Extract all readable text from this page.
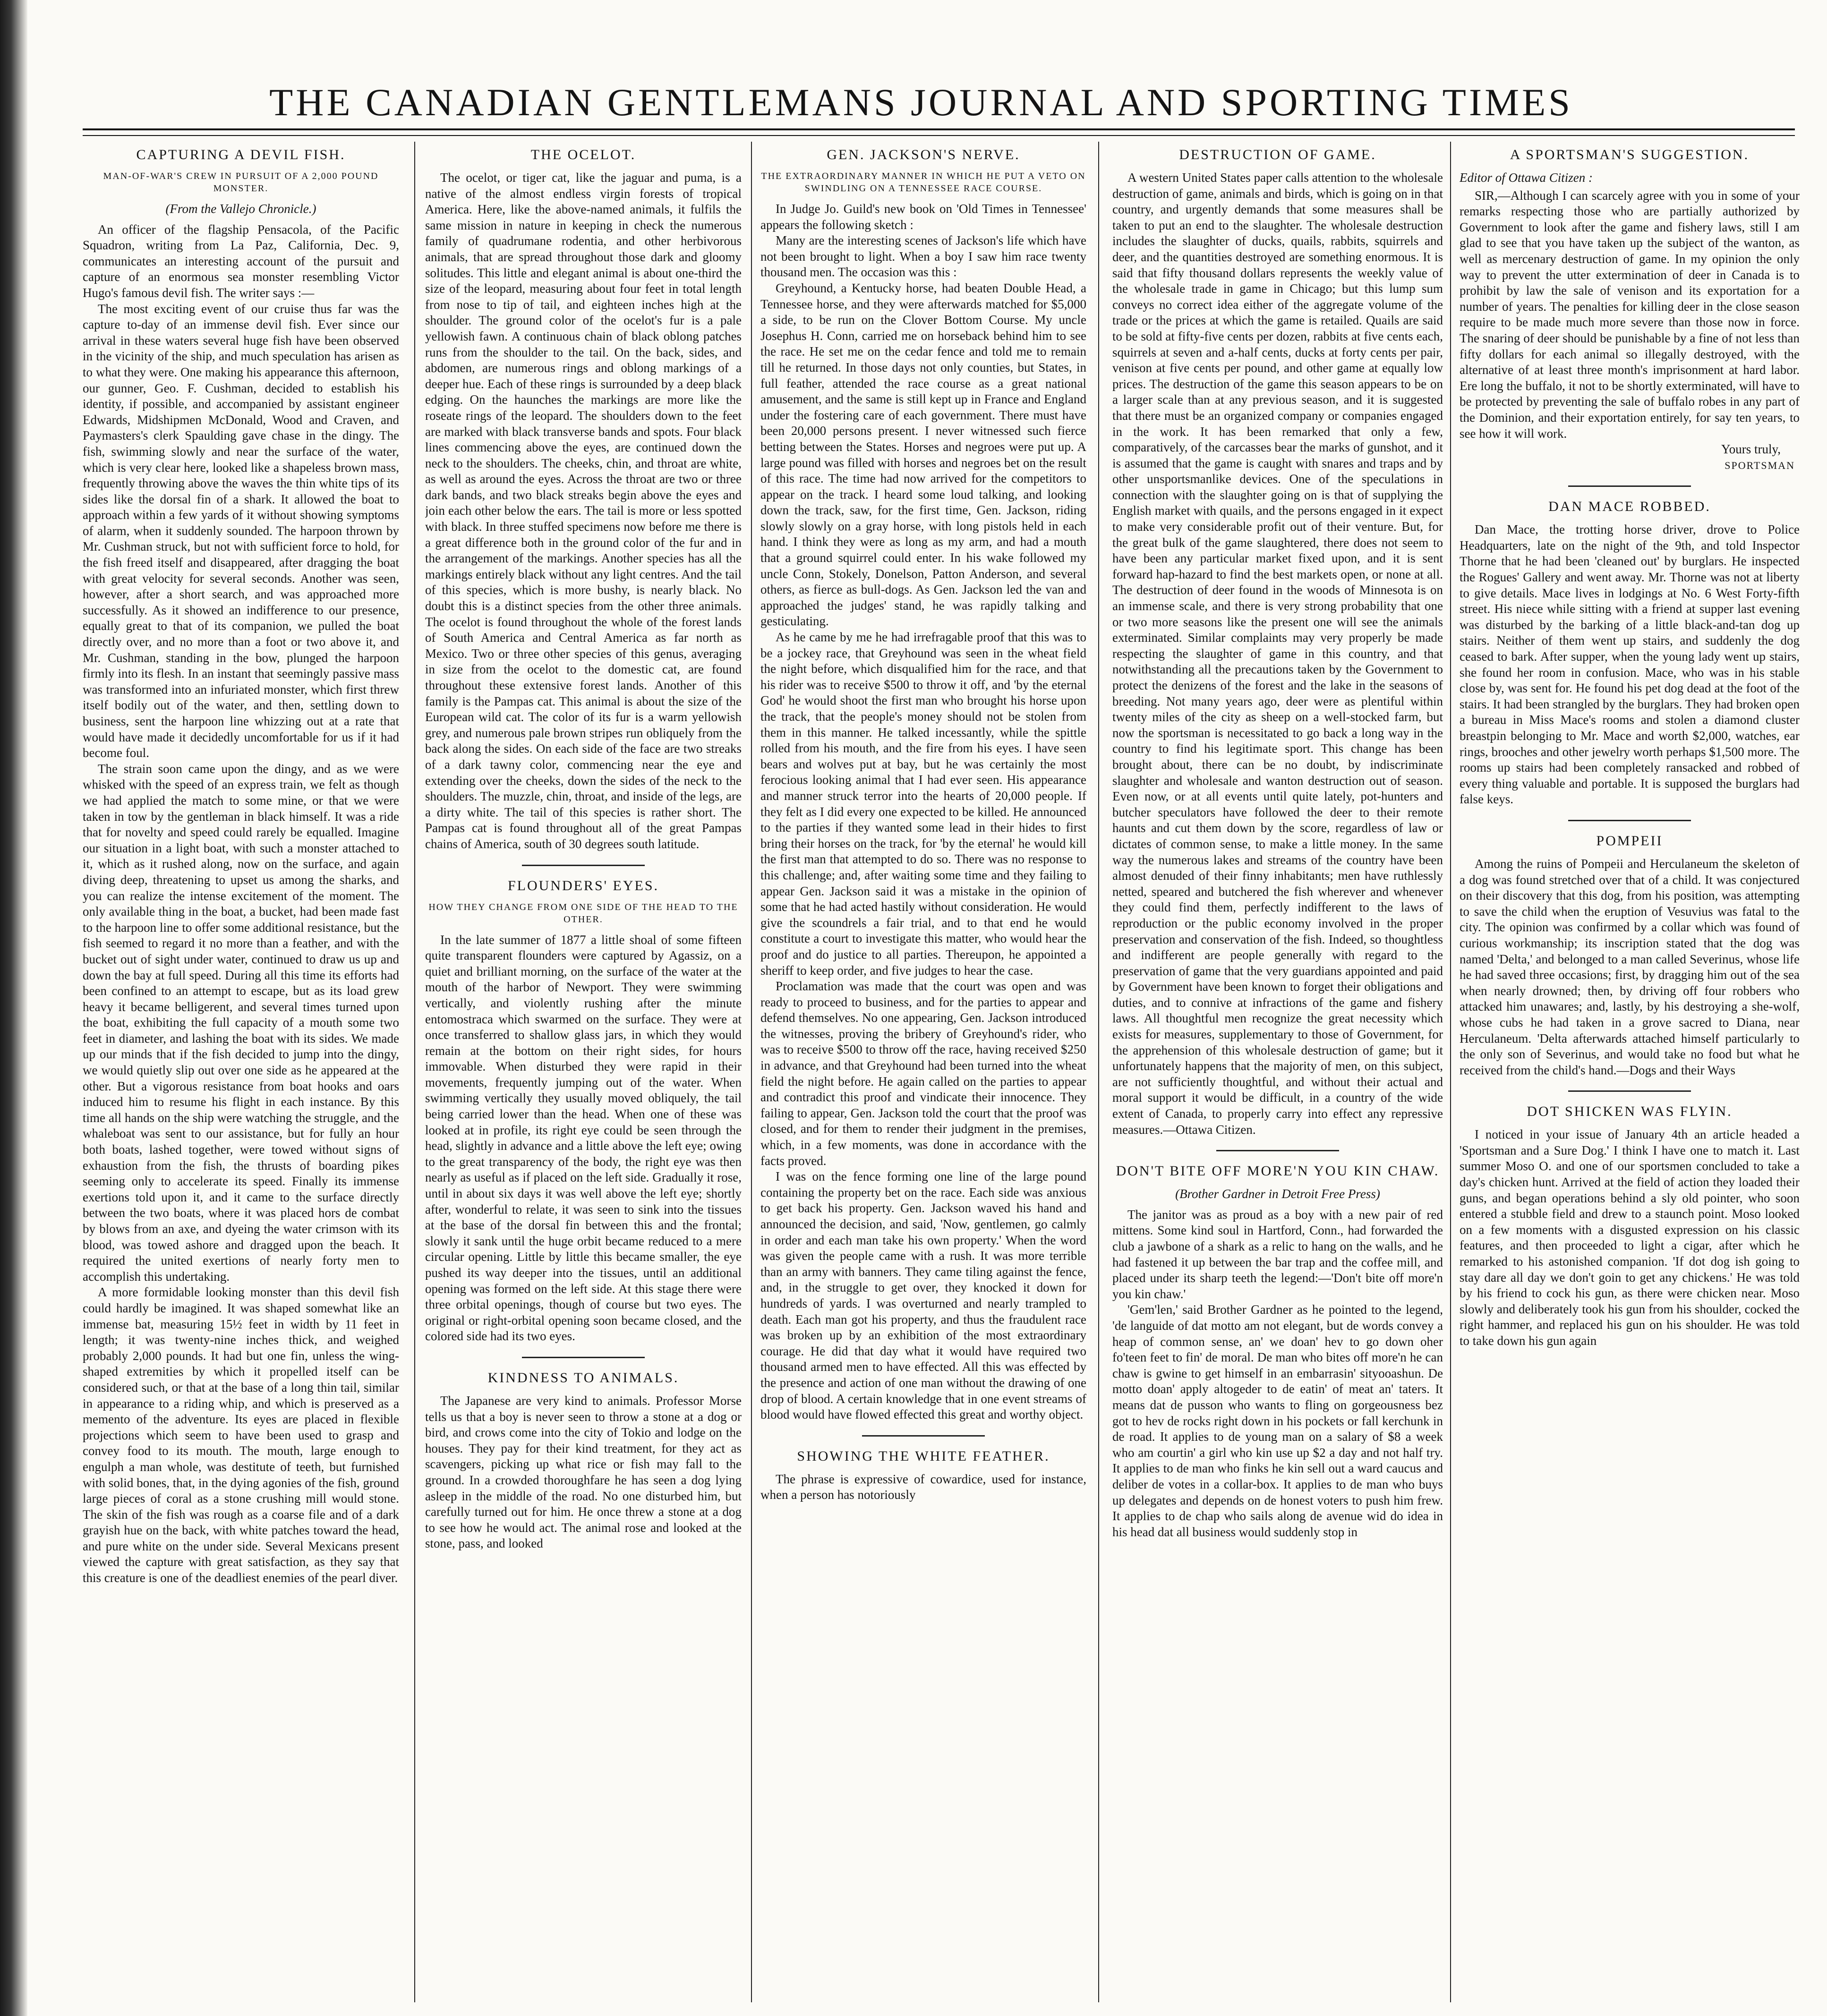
THE CANADIAN GENTLEMANS JOURNAL AND SPORTING TIMES
CAPTURING A DEVIL FISH.
MAN-OF-WAR'S CREW IN PURSUIT OF A 2,000 POUND MONSTER.
(From the Vallejo Chronicle.)

An officer of the flagship Pensacola, of the Pacific Squadron, writing from La Paz, California, Dec. 9, communicates an interesting account of the pursuit and capture of an enormous sea monster resembling Victor Hugo's famous devil fish. The writer says :—

The most exciting event of our cruise thus far was the capture to-day of an immense devil fish. Ever since our arrival in these waters several huge fish have been observed in the vicinity of the ship, and much speculation has arisen as to what they were. One making his appearance this afternoon, our gunner, Geo. F. Cushman, decided to establish his identity, if possible, and accompanied by assistant engineer Edwards, Midshipmen McDonald, Wood and Craven, and Paymasters's clerk Spaulding gave chase in the dingy. The fish, swimming slowly and near the surface of the water, which is very clear here, looked like a shapeless brown mass, frequently throwing above the waves the thin white tips of its sides like the dorsal fin of a shark. It allowed the boat to approach within a few yards of it without showing symptoms of alarm, when it suddenly sounded. The harpoon thrown by Mr. Cushman struck, but not with sufficient force to hold, for the fish freed itself and disappeared, after dragging the boat with great velocity for several seconds. Another was seen, however, after a short search, and was approached more successfully. As it showed an indifference to our presence, equally great to that of its companion, we pulled the boat directly over, and no more than a foot or two above it, and Mr. Cushman, standing in the bow, plunged the harpoon firmly into its flesh. In an instant that seemingly passive mass was transformed into an infuriated monster, which first threw itself bodily out of the water, and then, settling down to business, sent the harpoon line whizzing out at a rate that would have made it decidedly uncomfortable for us if it had become foul.

The strain soon came upon the dingy, and as we were whisked with the speed of an express train, we felt as though we had applied the match to some mine, or that we were taken in tow by the gentleman in black himself. It was a ride that for novelty and speed could rarely be equalled. Imagine our situation in a light boat, with such a monster attached to it, which as it rushed along, now on the surface, and again diving deep, threatening to upset us among the sharks, and you can realize the intense excitement of the moment. The only available thing in the boat, a bucket, had been made fast to the harpoon line to offer some additional resistance, but the fish seemed to regard it no more than a feather, and with the bucket out of sight under water, continued to draw us up and down the bay at full speed. During all this time its efforts had been confined to an attempt to escape, but as its load grew heavy it became belligerent, and several times turned upon the boat, exhibiting the full capacity of a mouth some two feet in diameter, and lashing the boat with its sides. We made up our minds that if the fish decided to jump into the dingy, we would quietly slip out over one side as he appeared at the other. But a vigorous resistance from boat hooks and oars induced him to resume his flight in each instance. By this time all hands on the ship were watching the struggle, and the whaleboat was sent to our assistance, but for fully an hour both boats, lashed together, were towed without signs of exhaustion from the fish, the thrusts of boarding pikes seeming only to accelerate its speed. Finally its immense exertions told upon it, and it came to the surface directly between the two boats, where it was placed hors de combat by blows from an axe, and dyeing the water crimson with its blood, was towed ashore and dragged upon the beach. It required the united exertions of nearly forty men to accomplish this undertaking.

A more formidable looking monster than this devil fish could hardly be imagined. It was shaped somewhat like an immense bat, measuring 15½ feet in width by 11 feet in length; it was twenty-nine inches thick, and weighed probably 2,000 pounds. It had but one fin, unless the wing-shaped extremities by which it propelled itself can be considered such, or that at the base of a long thin tail, similar in appearance to a riding whip, and which is preserved as a memento of the adventure. Its eyes are placed in flexible projections which seem to have been used to grasp and convey food to its mouth. The mouth, large enough to engulph a man whole, was destitute of teeth, but furnished with solid bones, that, in the dying agonies of the fish, ground large pieces of coral as a stone crushing mill would stone. The skin of the fish was rough as a coarse file and of a dark grayish hue on the back, with white patches toward the head, and pure white on the under side. Several Mexicans present viewed the capture with great satisfaction, as they say that this creature is one of the deadliest enemies of the pearl diver.

THE OCELOT.

The ocelot, or tiger cat, like the jaguar and puma, is a native of the almost endless virgin forests of tropical America. Here, like the above-named animals, it fulfils the same mission in nature in keeping in check the numerous family of quadrumane rodentia, and other herbivorous animals, that are spread throughout those dark and gloomy solitudes. This little and elegant animal is about one-third the size of the leopard, measuring about four feet in total length from nose to tip of tail, and eighteen inches high at the shoulder. The ground color of the ocelot's fur is a pale yellowish fawn. A continuous chain of black oblong patches runs from the shoulder to the tail. On the back, sides, and abdomen, are numerous rings and oblong markings of a deeper hue. Each of these rings is surrounded by a deep black edging. On the haunches the markings are more like the roseate rings of the leopard. The shoulders down to the feet are marked with black transverse bands and spots. Four black lines commencing above the eyes, are continued down the neck to the shoulders. The cheeks, chin, and throat are white, as well as around the eyes. Across the throat are two or three dark bands, and two black streaks begin above the eyes and join each other below the ears. The tail is more or less spotted with black. In three stuffed specimens now before me there is a great difference both in the ground color of the fur and in the arrangement of the markings. Another species has all the markings entirely black without any light centres. And the tail of this species, which is more bushy, is nearly black. No doubt this is a distinct species from the other three animals. The ocelot is found throughout the whole of the forest lands of South America and Central America as far north as Mexico. Two or three other species of this genus, averaging in size from the ocelot to the domestic cat, are found throughout these extensive forest lands. Another of this family is the Pampas cat. This animal is about the size of the European wild cat. The color of its fur is a warm yellowish grey, and numerous pale brown stripes run obliquely from the back along the sides. On each side of the face are two streaks of a dark tawny color, commencing near the eye and extending over the cheeks, down the sides of the neck to the shoulders. The muzzle, chin, throat, and inside of the legs, are a dirty white. The tail of this species is rather short. The Pampas cat is found throughout all of the great Pampas chains of America, south of 30 degrees south latitude.

FLOUNDERS' EYES.
HOW THEY CHANGE FROM ONE SIDE OF THE HEAD TO THE OTHER.

In the late summer of 1877 a little shoal of some fifteen quite transparent flounders were captured by Agassiz, on a quiet and brilliant morning, on the surface of the water at the mouth of the harbor of Newport. They were swimming vertically, and violently rushing after the minute entomostraca which swarmed on the surface. They were at once transferred to shallow glass jars, in which they would remain at the bottom on their right sides, for hours immovable. When disturbed they were rapid in their movements, frequently jumping out of the water. When swimming vertically they usually moved obliquely, the tail being carried lower than the head. When one of these was looked at in profile, its right eye could be seen through the head, slightly in advance and a little above the left eye; owing to the great transparency of the body, the right eye was then nearly as useful as if placed on the left side. Gradually it rose, until in about six days it was well above the left eye; shortly after, wonderful to relate, it was seen to sink into the tissues at the base of the dorsal fin between this and the frontal; slowly it sank until the huge orbit became reduced to a mere circular opening. Little by little this became smaller, the eye pushed its way deeper into the tissues, until an additional opening was formed on the left side. At this stage there were three orbital openings, though of course but two eyes. The original or right-orbital opening soon became closed, and the colored side had its two eyes.

KINDNESS TO ANIMALS.

The Japanese are very kind to animals. Professor Morse tells us that a boy is never seen to throw a stone at a dog or bird, and crows come into the city of Tokio and lodge on the houses. They pay for their kind treatment, for they act as scavengers, picking up what rice or fish may fall to the ground. In a crowded thoroughfare he has seen a dog lying asleep in the middle of the road. No one disturbed him, but carefully turned out for him. He once threw a stone at a dog to see how he would act. The animal rose and looked at the stone, pass, and looked

GEN. JACKSON'S NERVE.
THE EXTRAORDINARY MANNER IN WHICH HE PUT A VETO ON SWINDLING ON A TENNESSEE RACE COURSE.

In Judge Jo. Guild's new book on 'Old Times in Tennessee' appears the following sketch :

Many are the interesting scenes of Jackson's life which have not been brought to light. When a boy I saw him race twenty thousand men. The occasion was this :

Greyhound, a Kentucky horse, had beaten Double Head, a Tennessee horse, and they were afterwards matched for $5,000 a side, to be run on the Clover Bottom Course. My uncle Josephus H. Conn, carried me on horseback behind him to see the race. He set me on the cedar fence and told me to remain till he returned. In those days not only counties, but States, in full feather, attended the race course as a great national amusement, and the same is still kept up in France and England under the fostering care of each government. There must have been 20,000 persons present. I never witnessed such fierce betting between the States. Horses and negroes were put up. A large pound was filled with horses and negroes bet on the result of this race. The time had now arrived for the competitors to appear on the track. I heard some loud talking, and looking down the track, saw, for the first time, Gen. Jackson, riding slowly slowly on a gray horse, with long pistols held in each hand. I think they were as long as my arm, and had a mouth that a ground squirrel could enter. In his wake followed my uncle Conn, Stokely, Donelson, Patton Anderson, and several others, as fierce as bull-dogs. As Gen. Jackson led the van and approached the judges' stand, he was rapidly talking and gesticulating.

As he came by me he had irrefragable proof that this was to be a jockey race, that Greyhound was seen in the wheat field the night before, which disqualified him for the race, and that his rider was to receive $500 to throw it off, and 'by the eternal God' he would shoot the first man who brought his horse upon the track, that the people's money should not be stolen from them in this manner. He talked incessantly, while the spittle rolled from his mouth, and the fire from his eyes. I have seen bears and wolves put at bay, but he was certainly the most ferocious looking animal that I had ever seen. His appearance and manner struck terror into the hearts of 20,000 people. If they felt as I did every one expected to be killed. He announced to the parties if they wanted some lead in their hides to first bring their horses on the track, for 'by the eternal' he would kill the first man that attempted to do so. There was no response to this challenge; and, after waiting some time and they failing to appear Gen. Jackson said it was a mistake in the opinion of some that he had acted hastily without consideration. He would give the scoundrels a fair trial, and to that end he would constitute a court to investigate this matter, who would hear the proof and do justice to all parties. Thereupon, he appointed a sheriff to keep order, and five judges to hear the case.

Proclamation was made that the court was open and was ready to proceed to business, and for the parties to appear and defend themselves. No one appearing, Gen. Jackson introduced the witnesses, proving the bribery of Greyhound's rider, who was to receive $500 to throw off the race, having received $250 in advance, and that Greyhound had been turned into the wheat field the night before. He again called on the parties to appear and contradict this proof and vindicate their innocence. They failing to appear, Gen. Jackson told the court that the proof was closed, and for them to render their judgment in the premises, which, in a few moments, was done in accordance with the facts proved.

I was on the fence forming one line of the large pound containing the property bet on the race. Each side was anxious to get back his property. Gen. Jackson waved his hand and announced the decision, and said, 'Now, gentlemen, go calmly in order and each man take his own property.' When the word was given the people came with a rush. It was more terrible than an army with banners. They came tiling against the fence, and, in the struggle to get over, they knocked it down for hundreds of yards. I was overturned and nearly trampled to death. Each man got his property, and thus the fraudulent race was broken up by an exhibition of the most extraordinary courage. He did that day what it would have required two thousand armed men to have effected. All this was effected by the presence and action of one man without the drawing of one drop of blood. A certain knowledge that in one event streams of blood would have flowed effected this great and worthy object.

SHOWING THE WHITE FEATHER.

The phrase is expressive of cowardice, used for instance, when a person has notoriously

DESTRUCTION OF GAME.

A western United States paper calls attention to the wholesale destruction of game, animals and birds, which is going on in that country, and urgently demands that some measures shall be taken to put an end to the slaughter. The wholesale destruction includes the slaughter of ducks, quails, rabbits, squirrels and deer, and the quantities destroyed are something enormous. It is said that fifty thousand dollars represents the weekly value of the wholesale trade in game in Chicago; but this lump sum conveys no correct idea either of the aggregate volume of the trade or the prices at which the game is retailed. Quails are said to be sold at fifty-five cents per dozen, rabbits at five cents each, squirrels at seven and a-half cents, ducks at forty cents per pair, venison at five cents per pound, and other game at equally low prices. The destruction of the game this season appears to be on a larger scale than at any previous season, and it is suggested that there must be an organized company or companies engaged in the work. It has been remarked that only a few, comparatively, of the carcasses bear the marks of gunshot, and it is assumed that the game is caught with snares and traps and by other unsportsmanlike devices. One of the speculations in connection with the slaughter going on is that of supplying the English market with quails, and the persons engaged in it expect to make very considerable profit out of their venture. But, for the great bulk of the game slaughtered, there does not seem to have been any particular market fixed upon, and it is sent forward hap-hazard to find the best markets open, or none at all. The destruction of deer found in the woods of Minnesota is on an immense scale, and there is very strong probability that one or two more seasons like the present one will see the animals exterminated. Similar complaints may very properly be made respecting the slaughter of game in this country, and that notwithstanding all the precautions taken by the Government to protect the denizens of the forest and the lake in the seasons of breeding. Not many years ago, deer were as plentiful within twenty miles of the city as sheep on a well-stocked farm, but now the sportsman is necessitated to go back a long way in the country to find his legitimate sport. This change has been brought about, there can be no doubt, by indiscriminate slaughter and wholesale and wanton destruction out of season. Even now, or at all events until quite lately, pot-hunters and butcher speculators have followed the deer to their remote haunts and cut them down by the score, regardless of law or dictates of common sense, to make a little money. In the same way the numerous lakes and streams of the country have been almost denuded of their finny inhabitants; men have ruthlessly netted, speared and butchered the fish wherever and whenever they could find them, perfectly indifferent to the laws of reproduction or the public economy involved in the proper preservation and conservation of the fish. Indeed, so thoughtless and indifferent are people generally with regard to the preservation of game that the very guardians appointed and paid by Government have been known to forget their obligations and duties, and to connive at infractions of the game and fishery laws. All thoughtful men recognize the great necessity which exists for measures, supplementary to those of Government, for the apprehension of this wholesale destruction of game; but it unfortunately happens that the majority of men, on this subject, are not sufficiently thoughtful, and without their actual and moral support it would be difficult, in a country of the wide extent of Canada, to properly carry into effect any repressive measures.—Ottawa Citizen.

DON'T BITE OFF MORE'N YOU KIN CHAW.
(Brother Gardner in Detroit Free Press)

The janitor was as proud as a boy with a new pair of red mittens. Some kind soul in Hartford, Conn., had forwarded the club a jawbone of a shark as a relic to hang on the walls, and he had fastened it up between the bar trap and the coffee mill, and placed under its sharp teeth the legend:—'Don't bite off more'n you kin chaw.'

'Gem'len,' said Brother Gardner as he pointed to the legend, 'de languide of dat motto am not elegant, but de words convey a heap of common sense, an' we doan' hev to go down oher fo'teen feet to fin' de moral. De man who bites off more'n he can chaw is gwine to get himself in an embarrasin' sityooashun. De motto doan' apply altogeder to de eatin' of meat an' taters. It means dat de pusson who wants to fling on gorgeousness bez got to hev de rocks right down in his pockets or fall kerchunk in de road. It applies to de young man on a salary of $8 a week who am courtin' a girl who kin use up $2 a day and not half try. It applies to de man who finks he kin sell out a ward caucus and deliber de votes in a collar-box. It applies to de man who buys up delegates and depends on de honest voters to push him frew. It applies to de chap who sails along de avenue wid do idea in his head dat all business would suddenly stop in

A SPORTSMAN'S SUGGESTION.

Editor of Ottawa Citizen :

SIR,—Although I can scarcely agree with you in some of your remarks respecting those who are partially authorized by Government to look after the game and fishery laws, still I am glad to see that you have taken up the subject of the wanton, as well as mercenary destruction of game. In my opinion the only way to prevent the utter extermination of deer in Canada is to prohibit by law the sale of venison and its exportation for a number of years. The penalties for killing deer in the close season require to be made much more severe than those now in force. The snaring of deer should be punishable by a fine of not less than fifty dollars for each animal so illegally destroyed, with the alternative of at least three month's imprisonment at hard labor. Ere long the buffalo, it not to be shortly exterminated, will have to be protected by preventing the sale of buffalo robes in any part of the Dominion, and their exportation entirely, for say ten years, to see how it will work.

Yours truly,

SPORTSMAN

DAN MACE ROBBED.

Dan Mace, the trotting horse driver, drove to Police Headquarters, late on the night of the 9th, and told Inspector Thorne that he had been 'cleaned out' by burglars. He inspected the Rogues' Gallery and went away. Mr. Thorne was not at liberty to give details. Mace lives in lodgings at No. 6 West Forty-fifth street. His niece while sitting with a friend at supper last evening was disturbed by the barking of a little black-and-tan dog up stairs. Neither of them went up stairs, and suddenly the dog ceased to bark. After supper, when the young lady went up stairs, she found her room in confusion. Mace, who was in his stable close by, was sent for. He found his pet dog dead at the foot of the stairs. It had been strangled by the burglars. They had broken open a bureau in Miss Mace's rooms and stolen a diamond cluster breastpin belonging to Mr. Mace and worth $2,000, watches, ear rings, brooches and other jewelry worth perhaps $1,500 more. The rooms up stairs had been completely ransacked and robbed of every thing valuable and portable. It is supposed the burglars had false keys.

POMPEII

Among the ruins of Pompeii and Herculaneum the skeleton of a dog was found stretched over that of a child. It was conjectured on their discovery that this dog, from his position, was attempting to save the child when the eruption of Vesuvius was fatal to the city. The opinion was confirmed by a collar which was found of curious workmanship; its inscription stated that the dog was named 'Delta,' and belonged to a man called Severinus, whose life he had saved three occasions; first, by dragging him out of the sea when nearly drowned; then, by driving off four robbers who attacked him unawares; and, lastly, by his destroying a she-wolf, whose cubs he had taken in a grove sacred to Diana, near Herculaneum. 'Delta afterwards attached himself particularly to the only son of Severinus, and would take no food but what he received from the child's hand.—Dogs and their Ways

DOT SHICKEN WAS FLYIN.

I noticed in your issue of January 4th an article headed a 'Sportsman and a Sure Dog.' I think I have one to match it. Last summer Moso O. and one of our sportsmen concluded to take a day's chicken hunt. Arrived at the field of action they loaded their guns, and began operations behind a sly old pointer, who soon entered a stubble field and drew to a staunch point. Moso looked on a few moments with a disgusted expression on his classic features, and then proceeded to light a cigar, after which he remarked to his astonished companion. 'If dot dog ish going to stay dare all day we don't goin to get any chickens.' He was told by his friend to cock his gun, as there were chicken near. Moso slowly and deliberately took his gun from his shoulder, cocked the right hammer, and replaced his gun on his shoulder. He was told to take down his gun again
